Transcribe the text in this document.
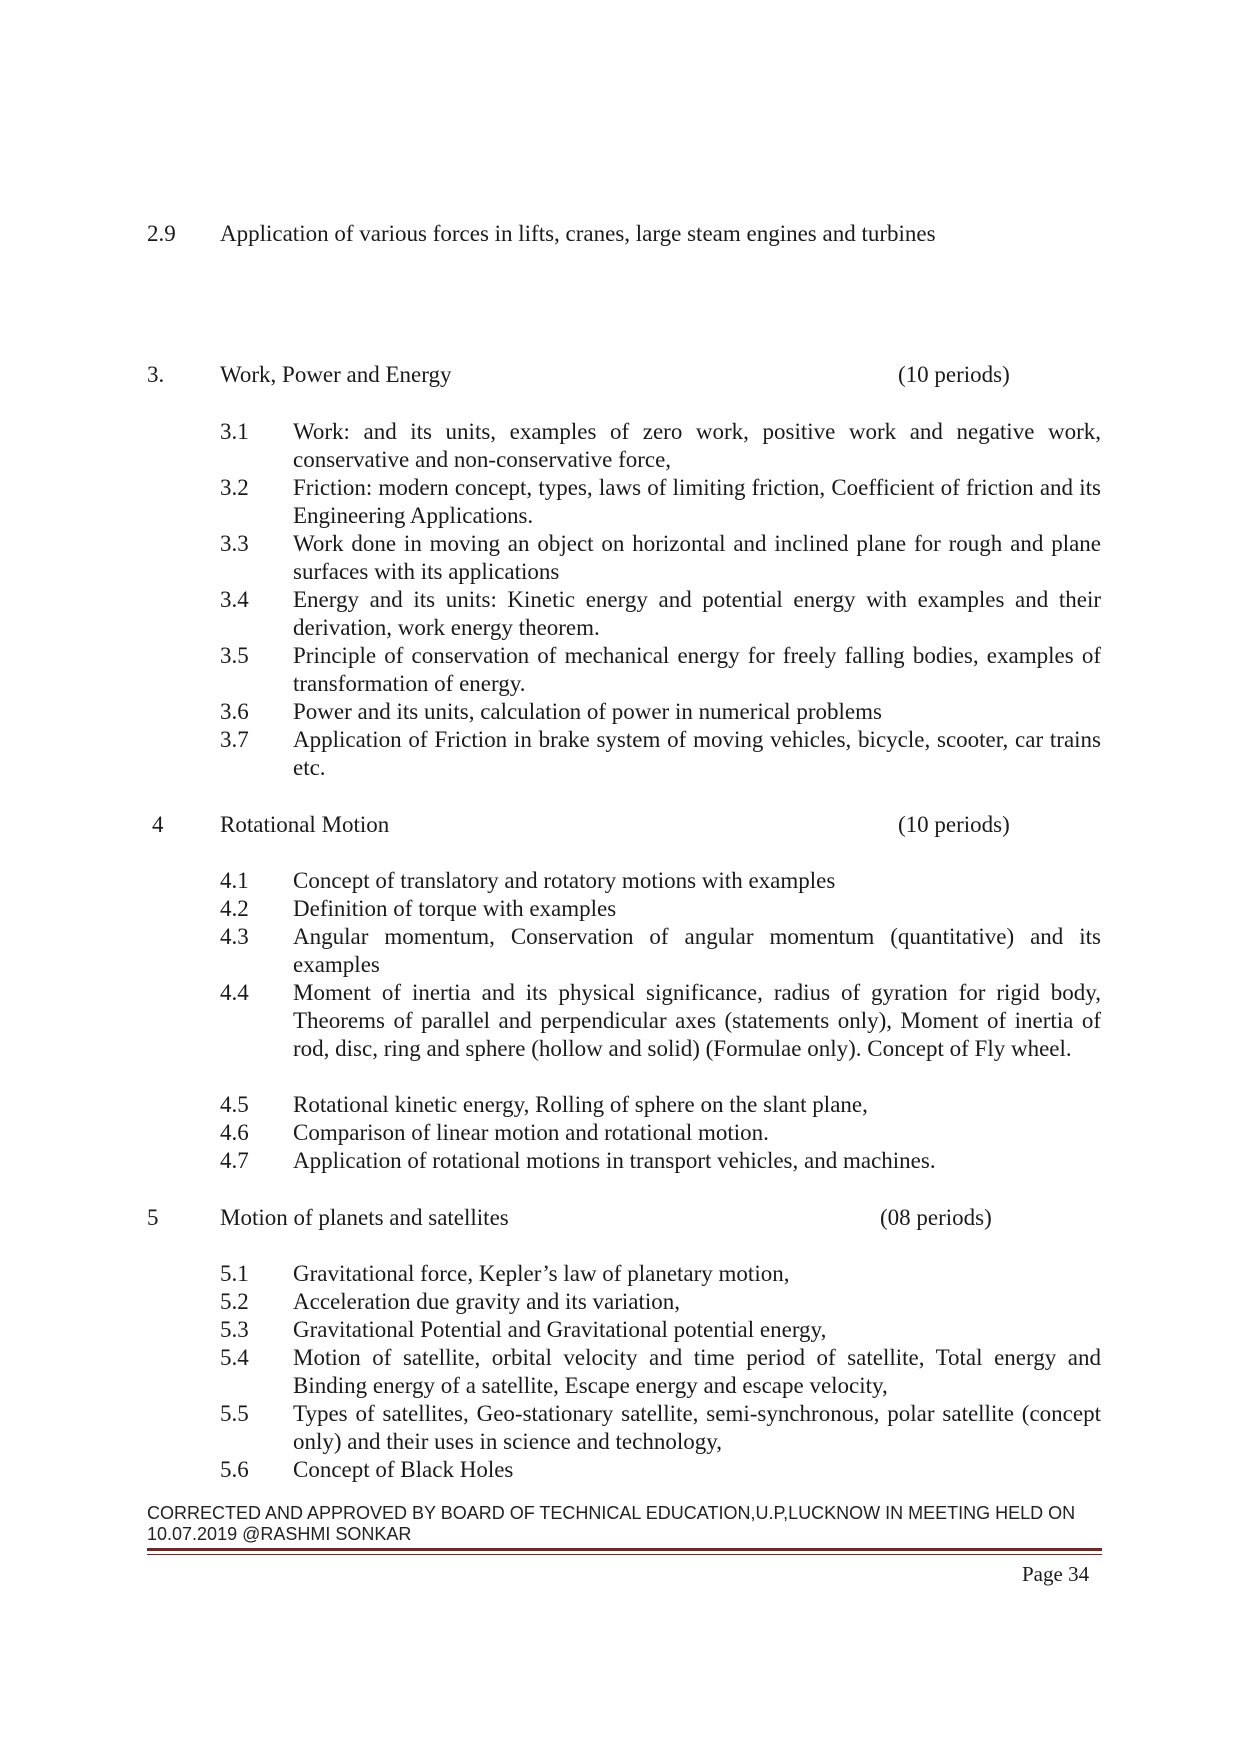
2.9 Application of various forces in lifts, cranes, large steam engines and turbines
3. Work, Power and Energy	(10 periods)
3.1 Work: and its units, examples of zero work, positive work and negative work, conservative and non-conservative force,
3.2 Friction: modern concept, types, laws of limiting friction, Coefficient of friction and its Engineering Applications.
3.3 Work done in moving an object on horizontal and inclined plane for rough and plane surfaces with its applications
3.4 Energy and its units: Kinetic energy and potential energy with examples and their derivation, work energy theorem.
3.5 Principle of conservation of mechanical energy for freely falling bodies, examples of transformation of energy.
3.6 Power and its units, calculation of power in numerical problems
3.7 Application of Friction in brake system of moving vehicles, bicycle, scooter, car trains etc.
4 Rotational Motion	(10 periods)
4.1 Concept of translatory and rotatory motions with examples
4.2 Definition of torque with examples
4.3 Angular momentum, Conservation of angular momentum (quantitative) and its examples
4.4 Moment of inertia and its physical significance, radius of gyration for rigid body, Theorems of parallel and perpendicular axes (statements only), Moment of inertia of rod, disc, ring and sphere (hollow and solid) (Formulae only). Concept of Fly wheel.
4.5 Rotational kinetic energy, Rolling of sphere on the slant plane,
4.6 Comparison of linear motion and rotational motion.
4.7 Application of rotational motions in transport vehicles, and machines.
5	Motion of planets and satellites	(08 periods)
5.1 Gravitational force, Kepler’s law of planetary motion,
5.2 Acceleration due gravity and its variation,
5.3 Gravitational Potential and Gravitational potential energy,
5.4 Motion of satellite, orbital velocity and time period of satellite, Total energy and Binding energy of a satellite, Escape energy and escape velocity,
5.5 Types of satellites, Geo-stationary satellite, semi-synchronous, polar satellite (concept only) and their uses in science and technology,
5.6 Concept of Black Holes
CORRECTED AND APPROVED BY BOARD OF TECHNICAL EDUCATION,U.P,LUCKNOW IN MEETING HELD ON
10.07.2019 @RASHMI SONKAR
Page 34
